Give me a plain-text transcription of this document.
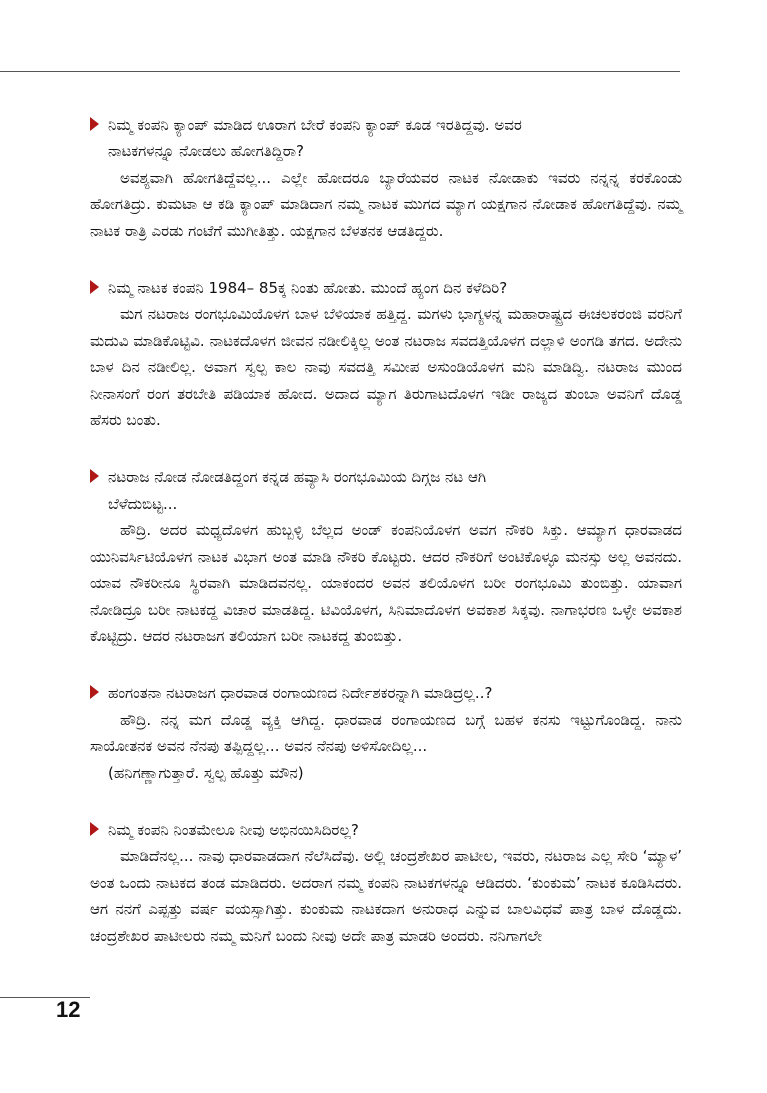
ನಿಮ್ಮ ಕಂಪನಿ ಕ್ಯಾಂಪ್ ಮಾಡಿದ ಊರಾಗ ಬೇರೆ ಕಂಪನಿ ಕ್ಯಾಂಪ್ ಕೂಡ ಇರತಿದ್ದವು. ಅವರ
ನಾಟಕಗಳನ್ನೂ ನೋಡಲು ಹೋಗತಿದ್ದಿರಾ?

ಅವಶ್ಯವಾಗಿ ಹೋಗತಿದ್ದೆವಲ್ಲ... ಎಲ್ಲೇ ಹೋದರೂ ಬ್ಯಾರೆಯವರ ನಾಟಕ ನೋಡಾಕು ಇವರು ನನ್ನನ್ನ ಕರಕೊಂಡು ಹೋಗತಿದ್ರು. ಕುಮಟಾ ಆ ಕಡಿ ಕ್ಯಾಂಪ್ ಮಾಡಿದಾಗ ನಮ್ಮ ನಾಟಕ ಮುಗದ ಮ್ಯಾಗ ಯಕ್ಷಗಾನ ನೋಡಾಕ ಹೋಗತಿದ್ದೆವು. ನಮ್ಮ ನಾಟಕ ರಾತ್ರಿ ಎರಡು ಗಂಟೆಗೆ ಮುಗೀತಿತ್ತು. ಯಕ್ಷಗಾನ ಬೆಳತನಕ ಆಡತಿದ್ದರು.

ನಿಮ್ಮ ನಾಟಕ ಕಂಪನಿ 1984– 85ಕ್ಕ ನಿಂತು ಹೋತು. ಮುಂದೆ ಹ್ಯಂಗ ದಿನ ಕಳೆದಿರಿ?

ಮಗ ನಟರಾಜ ರಂಗಭೂಮಿಯೊಳಗ ಬಾಳ ಬೆಳಿಯಾಕ ಹತ್ತಿದ್ದ. ಮಗಳು ಭಾಗ್ಯಳನ್ನ ಮಹಾರಾಷ್ಟ್ರದ ಈಚಲಕರಂಜಿ ವರನಿಗೆ ಮದುವಿ ಮಾಡಿಕೊಟ್ಟಿವಿ. ನಾಟಕದೊಳಗ ಜೀವನ ನಡೀಲಿಕ್ಕಿಲ್ಲ ಅಂತ ನಟರಾಜ ಸವದತ್ತಿಯೊಳಗ ದಲ್ಲಾಳಿ ಅಂಗಡಿ ತಗದ. ಅದೇನು ಬಾಳ ದಿನ ನಡೀಲಿಲ್ಲ. ಅವಾಗ ಸ್ವಲ್ಪ ಕಾಲ ನಾವು ಸವದತ್ತಿ ಸಮೀಪ ಅಸುಂಡಿಯೊಳಗ ಮನಿ ಮಾಡಿದ್ವಿ. ನಟರಾಜ ಮುಂದ ನೀನಾಸಂಗೆ ರಂಗ ತರಬೇತಿ ಪಡಿಯಾಕ ಹೋದ. ಅದಾದ ಮ್ಯಾಗ ತಿರುಗಾಟದೊಳಗ ಇಡೀ ರಾಜ್ಯದ ತುಂಬಾ ಅವನಿಗೆ ದೊಡ್ಡ ಹೆಸರು ಬಂತು.

ನಟರಾಜ ನೋಡ ನೋಡತಿದ್ದಂಗ ಕನ್ನಡ ಹವ್ಯಾಸಿ ರಂಗಭೂಮಿಯ ದಿಗ್ಗಜ ನಟ ಆಗಿ
ಬೆಳೆದುಬಿಟ್ಟ...

ಹೌದ್ರಿ. ಅದರ ಮಧ್ಯದೊಳಗ ಹುಬ್ಬಳ್ಳಿ ಬೆಲ್ಲದ ಅಂಡ್ ಕಂಪನಿಯೊಳಗ ಅವಗ ನೌಕರಿ ಸಿಕ್ತು. ಆಮ್ಯಾಗ ಧಾರವಾಡದ ಯುನಿವರ್ಸಿಟಿಯೊಳಗ ನಾಟಕ ವಿಭಾಗ ಅಂತ ಮಾಡಿ ನೌಕರಿ ಕೊಟ್ಟರು. ಆದರ ನೌಕರಿಗೆ ಅಂಟಿಕೊಳ್ಳೂ ಮನಸ್ಸು ಅಲ್ಲ ಅವನದು. ಯಾವ ನೌಕರೀನೂ ಸ್ಥಿರವಾಗಿ ಮಾಡಿದವನಲ್ಲ. ಯಾಕಂದರ ಅವನ ತಲಿಯೊಳಗ ಬರೀ ರಂಗಭೂಮಿ ತುಂಬಿತ್ತು. ಯಾವಾಗ ನೋಡಿದ್ರೂ ಬರೀ ನಾಟಕದ್ದ ವಿಚಾರ ಮಾಡತಿದ್ದ. ಟಿವಿಯೊಳಗ, ಸಿನಿಮಾದೊಳಗ ಅವಕಾಶ ಸಿಕ್ಕವು. ನಾಗಾಭರಣ ಒಳ್ಳೇ ಅವಕಾಶ ಕೊಟ್ಟಿದ್ರು. ಆದರ ನಟರಾಜಗ ತಲಿಯಾಗ ಬರೀ ನಾಟಕದ್ದ ತುಂಬಿತ್ತು.

ಹಂಗಂತನಾ ನಟರಾಜಗ ಧಾರವಾಡ ರಂಗಾಯಣದ ನಿರ್ದೇಶಕರನ್ನಾಗಿ ಮಾಡಿದ್ರಲ್ಲ..?

ಹೌದ್ರಿ. ನನ್ನ ಮಗ ದೊಡ್ಡ ವ್ಯಕ್ತಿ ಆಗಿದ್ದ. ಧಾರವಾಡ ರಂಗಾಯಣದ ಬಗ್ಗೆ ಬಹಳ ಕನಸು ಇಟ್ಟುಗೊಂಡಿದ್ದ. ನಾನು ಸಾಯೋತನಕ ಅವನ ನೆನಪು ತಪ್ಪಿದ್ದಲ್ಲ... ಅವನ ನೆನಪು ಅಳಿಸೋದಿಲ್ಲ...

(ಹನಿಗಣ್ಣಾಗುತ್ತಾರೆ. ಸ್ವಲ್ಪ ಹೊತ್ತು ಮೌನ)

ನಿಮ್ಮ ಕಂಪನಿ ನಿಂತಮೇಲೂ ನೀವು ಅಭಿನಯಿಸಿದಿರಲ್ಲ?

ಮಾಡಿದೆನಲ್ಲ... ನಾವು ಧಾರವಾಡದಾಗ ನೆಲೆಸಿದೆವು. ಅಲ್ಲಿ ಚಂದ್ರಶೇಖರ ಪಾಟೀಲ, ಇವರು, ನಟರಾಜ ಎಲ್ಲ ಸೇರಿ ‘ಮ್ಯಾಳ’ ಅಂತ ಒಂದು ನಾಟಕದ ತಂಡ ಮಾಡಿದರು. ಅದರಾಗ ನಮ್ಮ ಕಂಪನಿ ನಾಟಕಗಳನ್ನೂ ಆಡಿದರು. ‘ಕುಂಕುಮ’ ನಾಟಕ ಕೂಡಿಸಿದರು. ಆಗ ನನಗೆ ಎಪ್ಪತ್ತು ವರ್ಷ ವಯಸ್ಸಾಗಿತ್ತು. ಕುಂಕುಮ ನಾಟಕದಾಗ ಅನುರಾಧ ಎನ್ನುವ ಬಾಲವಿಧವೆ ಪಾತ್ರ ಬಾಳ ದೊಡ್ಡದು. ಚಂದ್ರಶೇಖರ ಪಾಟೀಲರು ನಮ್ಮ ಮನಿಗೆ ಬಂದು ನೀವು ಅದೇ ಪಾತ್ರ ಮಾಡರಿ ಅಂದರು. ನನಿಗಾಗಲೇ

12
